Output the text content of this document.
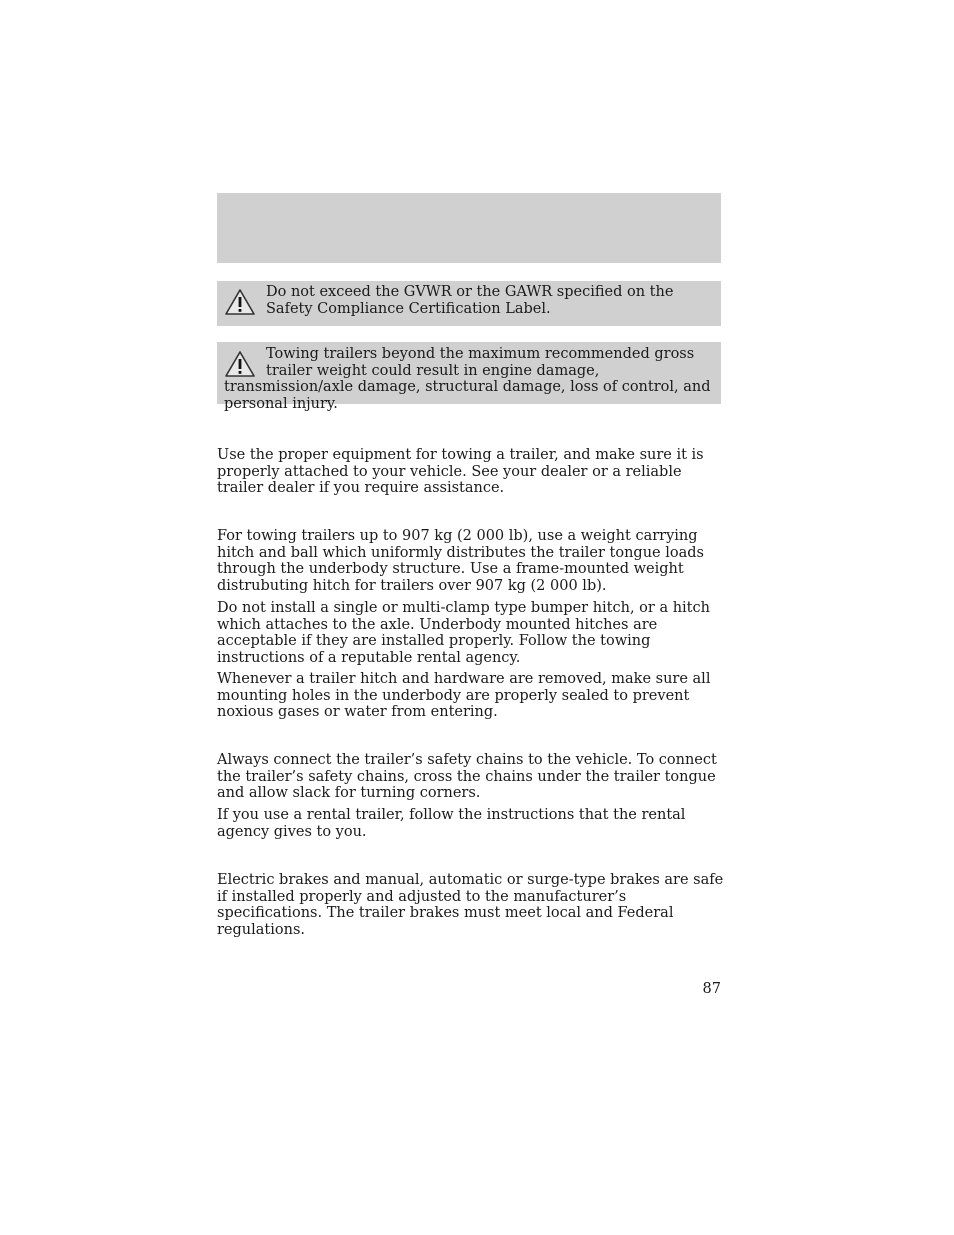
Do not exceed the GVWR or the GAWR specified on the Safety Compliance Certification Label.

Towing trailers beyond the maximum recommended gross trailer weight could result in engine damage, transmission/axle damage, structural damage, loss of control, and personal injury.

Use the proper equipment for towing a trailer, and make sure it is properly attached to your vehicle. See your dealer or a reliable trailer dealer if you require assistance.

For towing trailers up to 907 kg (2 000 lb), use a weight carrying hitch and ball which uniformly distributes the trailer tongue loads through the underbody structure. Use a frame-mounted weight distrubuting hitch for trailers over 907 kg (2 000 lb).

Do not install a single or multi-clamp type bumper hitch, or a hitch which attaches to the axle. Underbody mounted hitches are acceptable if they are installed properly. Follow the towing instructions of a reputable rental agency.

Whenever a trailer hitch and hardware are removed, make sure all mounting holes in the underbody are properly sealed to prevent noxious gases or water from entering.

Always connect the trailer’s safety chains to the vehicle. To connect the trailer’s safety chains, cross the chains under the trailer tongue and allow slack for turning corners.

If you use a rental trailer, follow the instructions that the rental agency gives to you.

Electric brakes and manual, automatic or surge-type brakes are safe if installed properly and adjusted to the manufacturer’s specifications. The trailer brakes must meet local and Federal regulations.

87
